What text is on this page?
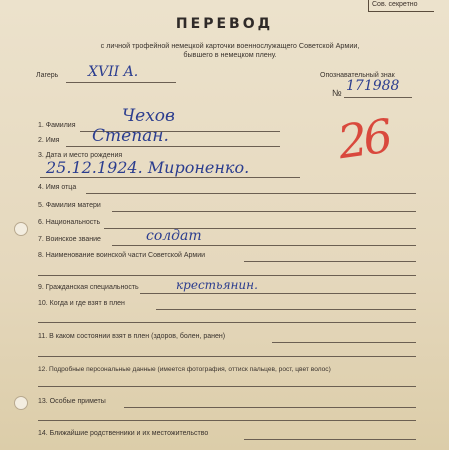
Сов. секретно
ПЕРЕВОД
с личной трофейной немецкой карточки военнослужащего Советской Армии,
бывшего в немецком плену.
Лагерь XVII A.	Опознавательный знак
№ 171988
26
1. Фамилия	Чехов
2. Имя Степан.
3. Дата и место рождения
25.12.1924. Мироненко.
4. Имя отца
5. Фамилия матери
6. Национальность
7. Воинское звание	солдат
8. Наименование воинской части Советской Армии
9. Гражданская специальность	крестьянин.
10. Когда и где взят в плен
11. В каком состоянии взят в плен (здоров, болен, ранен)
12. Подробные персональные данные (имеется фотография, оттиск пальцев, рост, цвет волос)
13. Особые приметы
14. Ближайшие родственники и их местожительство
